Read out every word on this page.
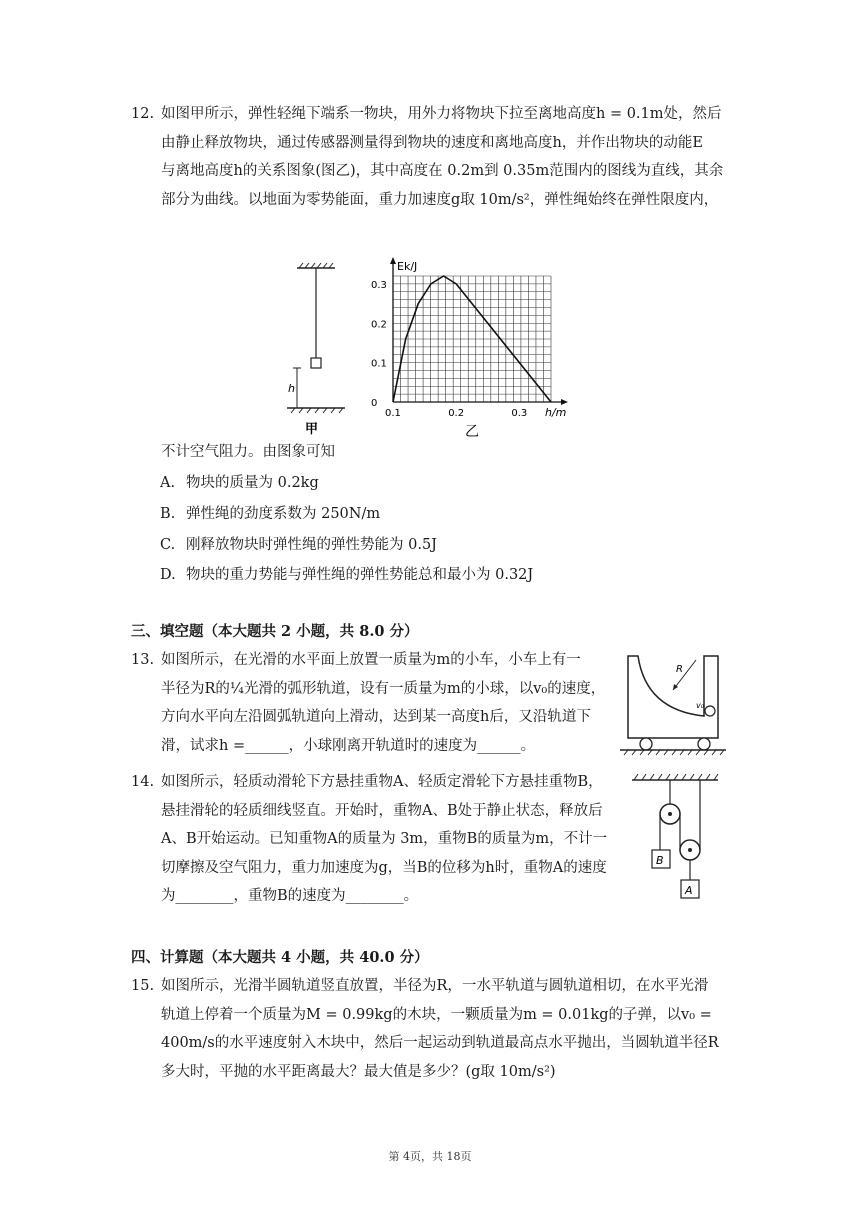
12. 如图甲所示，弹性轻绳下端系一物块，用外力将物块下拉至离地高度h = 0.1m处，然后
由静止释放物块，通过传感器测量得到物块的速度和离地高度h，并作出物块的动能E
与离地高度h的关系图象(图乙)，其中高度在 0.2m到 0.35m范围内的图线为直线，其余
部分为曲线。以地面为零势能面，重力加速度g取 10m/s²，弹性绳始终在弹性限度内，
h
甲
0.3
0.2
0.1
0
0.1	0.2	0.3
Ek/J
h/m
乙
不计空气阻力。由图象可知
A. 物块的质量为 0.2kg
B. 弹性绳的劲度系数为 250N/m
C. 刚释放物块时弹性绳的弹性势能为 0.5J
D. 物块的重力势能与弹性绳的弹性势能总和最小为 0.32J
三、填空题（本大题共 2 小题，共 8.0 分）
13. 如图所示，在光滑的水平面上放置一质量为m的小车，小车上有一
半径为R的¼光滑的弧形轨道，设有一质量为m的小球，以v₀的速度，
方向水平向左沿圆弧轨道向上滑动，达到某一高度h后，又沿轨道下
滑，试求h =______，小球刚离开轨道时的速度为______。
R
v₀
14. 如图所示，轻质动滑轮下方悬挂重物A、轻质定滑轮下方悬挂重物B，
悬挂滑轮的轻质细线竖直。开始时，重物A、B处于静止状态，释放后
A、B开始运动。已知重物A的质量为 3m，重物B的质量为m，不计一
切摩擦及空气阻力，重力加速度为g，当B的位移为h时，重物A的速度
为________，重物B的速度为________。
B
A
四、计算题（本大题共 4 小题，共 40.0 分）
15. 如图所示，光滑半圆轨道竖直放置，半径为R，一水平轨道与圆轨道相切，在水平光滑
轨道上停着一个质量为M = 0.99kg的木块，一颗质量为m = 0.01kg的子弹，以v₀ =
400m/s的水平速度射入木块中，然后一起运动到轨道最高点水平抛出，当圆轨道半径R
多大时，平抛的水平距离最大？最大值是多少？(g取 10m/s²)
第 4页，共 18页
